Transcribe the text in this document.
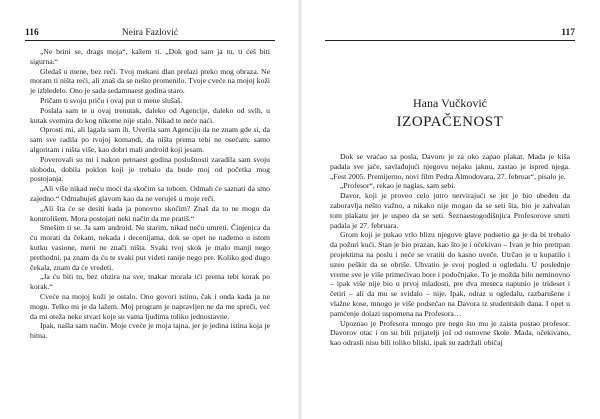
116	Neira Fazlović

„Ne brini se, drags moja“, kažem ti. „Dok god sam ja tu, ti ćeš biti sigurna.“

Gledaš u mene, bez reči. Tvoj mekani dlan prelazi preko mog obraza. Ne moram ti ništa reći, ali znaš da se nešto promenilo. Tvoje cveće na mojoj koži je izbledelo. Ono je sada sedamnaest godina staro.

Pričam ti svoju priču i ovaj put ti mene slušaš.

Poslala sam te u ovaj trenutak, daleko od Agencije, daleko od svih, u kutak svemira do kog nikome nije stalo. Nikad te neće naći.

Oprosti mi, ali lagala sam ih. Uverila sam Agenciju da ne znam gde si, da sam sve radila po tvojoj komandi, da ništa prema tebi ne osećam, samo algoritam i ništa više, kao dobri mali android koji jesam.

Poverovali su mi i nakon petnaest godina poslušnosti zaradila sam svoju slobodu, dobila poklon koji je trebalo da bude moj od početka mog postojanja.

„Ali više nikad neću moći da skočim sa tobom. Odmah će saznati da smo zajedno.“ Odmahuješ glavom kao da ne veruješ u moje reči.

„Ali šta će se desiti kada ja ponovno skočim? Znaš da to ne mogu da kontrolišem. Mora postojati neki način da me pratiš.“

Smešim ti se. Ja sam android. Ne starim, nikad neću umreti. Činjenica da ću morati da čekam, nekada i decenijama, dok se opet ne nađemo u istom kutku vasione, meni ne znači ništa. Svaki tvoj skok je malo manji nego prethodni, pa znam da ću te svaki put videti ranije nego pre. Koliko god dugo čekala, znam da će vredeti.

„Ja ću biti tu, bez obzira na sve, makar morala ići prema tebi korak po korak.“

Cveće na mojoj koži je ostalo. Ono govori istinu, čak i onda kada ja ne mogu. Telko mi je da lažem. Moj program je napravljen ne da me spreči, već da mi oteža neke stvari koje su vama ljudima toliko jednostavne.

Ipak, našla sam način. Moje cveće je moja tajna, jer je jedina istina koja je bitna.

117
Hana Vučković
IZOPAČENOST

Dok se vraćao sa posla, Davoru je za oko zapao plakat. Mada je kiša padala sve jače, savlađujući njegovu nejaku jaknu, zastao je ispred njega. „Fest 2005. Premijerno, novi film Pedra Almodovara, 27. februar“, pisalo je.

„Profesor“, rekao je naglas, sam sebi.

Davor, koji je proveo celo jutro nervirajući se jer je bio ubeđen da zaboravlja nešto važno, a nikako nije mogao da se seti šta, bio je zahvalan tom plakatu jer je uspeo da se seti. Šeznaestogodišnjica Profesorove smrti padala je 27. februara.

Grom koji je pukao vrlo blizu njegove glave podsetio ga je da bi trebalo da požuri kući. Stan je bio prazan, kao što je i očekivao – Ivan je bio pretrpan projektima na poslu i neće se vratiti do kasno uveče. Utrčao je u kupatilo i uzeo peškir da se obriše. Uhvatio je svoj pogled u ogledalu. U poslednje vreme sve je više primećivao bore i podočnjake. To je možda bilo neminovno – ipak više nije bio u prvoj mladosti, pre dva meseca napunio je trideset i četiri – ali da mu se svidalo – nije. Ipak, odraz u ogledalu, razbarušene i vlažne kose, mnogo je više podsećao na Davora iz studentskih dana. I opet u pamćenje dolazi uspomena na Profesora…

Upoznao je Profesora mnogo pre nego što mu je zaista postao profesor. Davorov otac i on su bili prijatelji još od osnovne škole. Mada, očekivano, kao odrasli nisu bili toliko bliski, ipak su zadržali običaj
